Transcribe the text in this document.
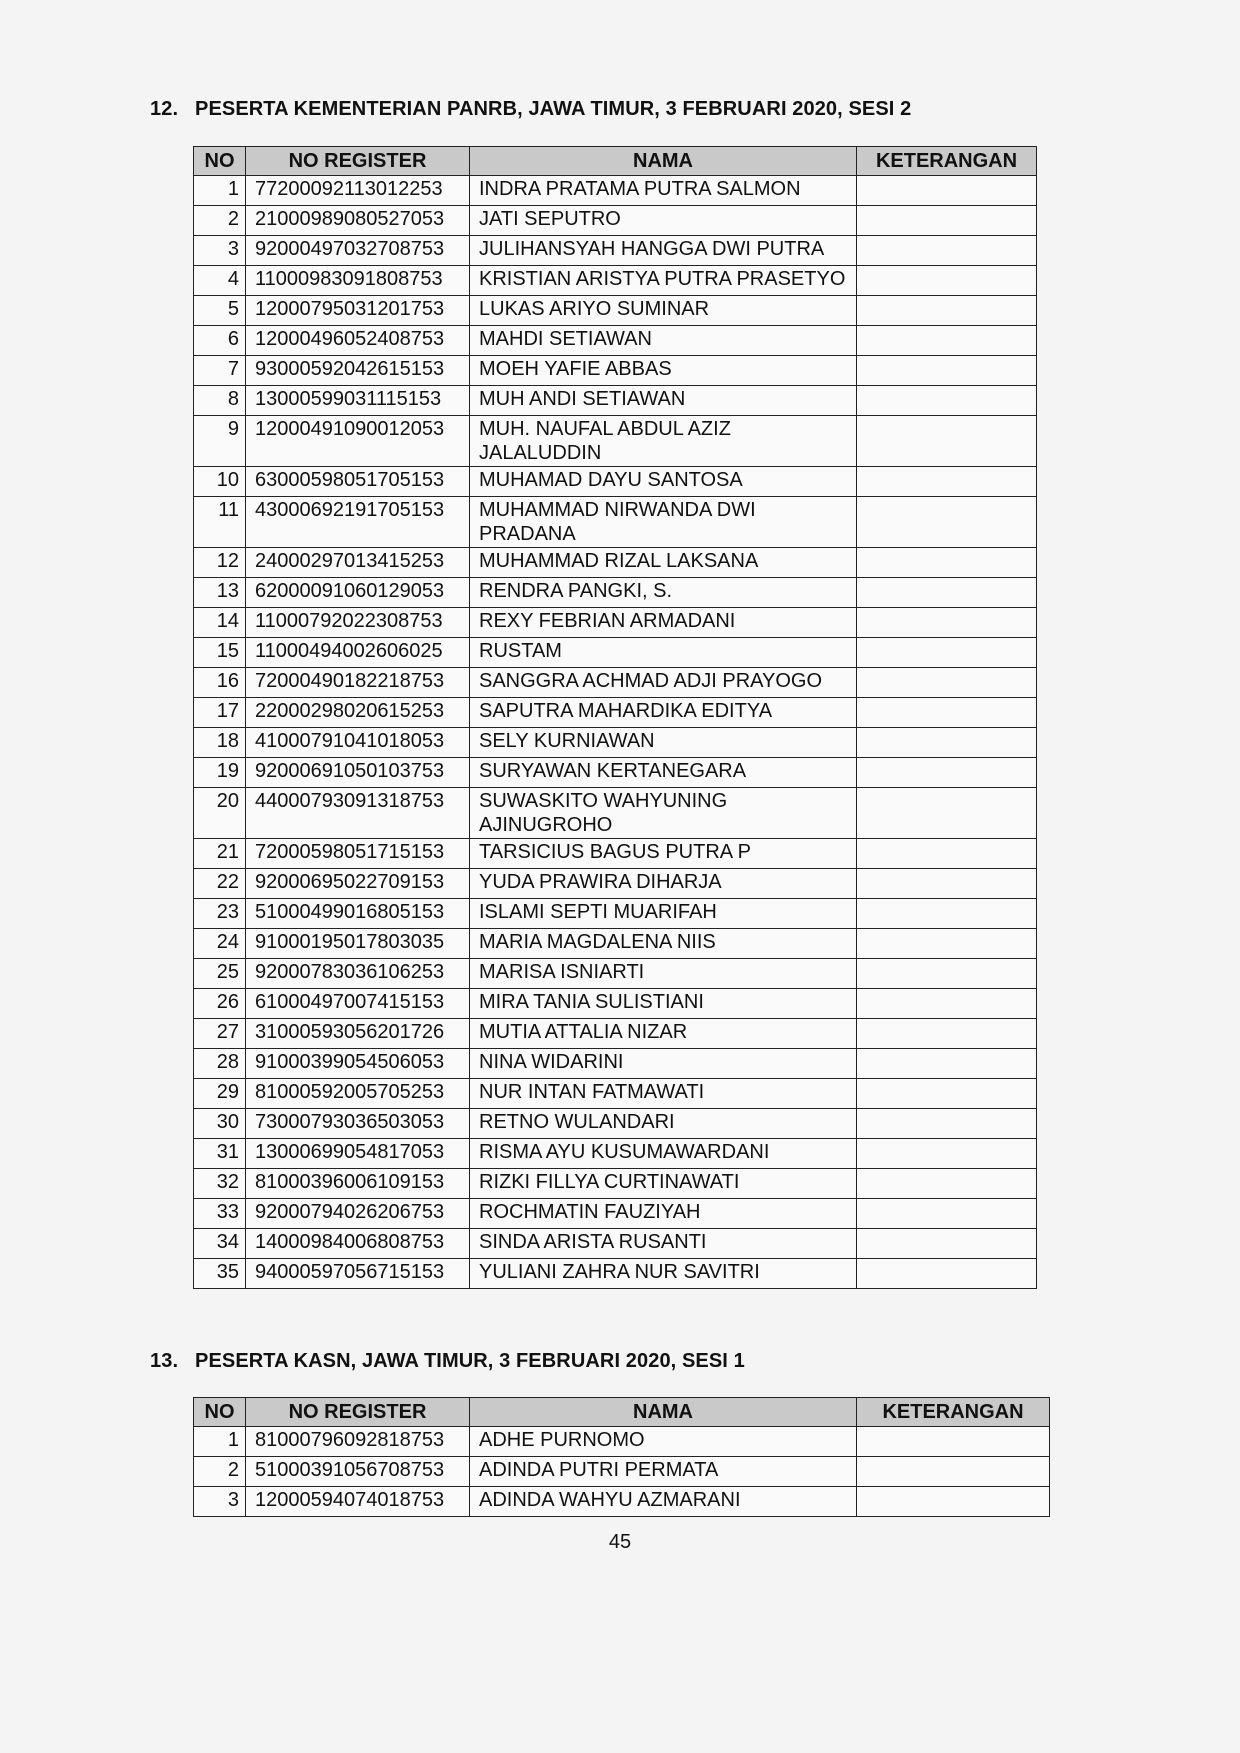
12. PESERTA KEMENTERIAN PANRB, JAWA TIMUR, 3 FEBRUARI 2020, SESI 2
NO	NO REGISTER	NAMA	KETERANGAN
1	77200092113012253	INDRA PRATAMA PUTRA SALMON	
2	21000989080527053	JATI SEPUTRO	
3	92000497032708753	JULIHANSYAH HANGGA DWI PUTRA	
4	11000983091808753	KRISTIAN ARISTYA PUTRA PRASETYO	
5	12000795031201753	LUKAS ARIYO SUMINAR	
6	12000496052408753	MAHDI SETIAWAN	
7	93000592042615153	MOEH YAFIE ABBAS	
8	13000599031115153	MUH ANDI SETIAWAN	
9	12000491090012053	MUH. NAUFAL ABDUL AZIZ JALALUDDIN	
10	63000598051705153	MUHAMAD DAYU SANTOSA	
11	43000692191705153	MUHAMMAD NIRWANDA DWI PRADANA	
12	24000297013415253	MUHAMMAD RIZAL LAKSANA	
13	62000091060129053	RENDRA PANGKI, S.	
14	11000792022308753	REXY FEBRIAN ARMADANI	
15	11000494002606025	RUSTAM	
16	72000490182218753	SANGGRA ACHMAD ADJI PRAYOGO	
17	22000298020615253	SAPUTRA MAHARDIKA EDITYA	
18	41000791041018053	SELY KURNIAWAN	
19	92000691050103753	SURYAWAN KERTANEGARA	
20	44000793091318753	SUWASKITO WAHYUNING AJINUGROHO	
21	72000598051715153	TARSICIUS BAGUS PUTRA P	
22	92000695022709153	YUDA PRAWIRA DIHARJA	
23	51000499016805153	ISLAMI SEPTI MUARIFAH	
24	91000195017803035	MARIA MAGDALENA NIIS	
25	92000783036106253	MARISA ISNIARTI	
26	61000497007415153	MIRA TANIA SULISTIANI	
27	31000593056201726	MUTIA ATTALIA NIZAR	
28	91000399054506053	NINA WIDARINI	
29	81000592005705253	NUR INTAN FATMAWATI	
30	73000793036503053	RETNO WULANDARI	
31	13000699054817053	RISMA AYU KUSUMAWARDANI	
32	81000396006109153	RIZKI FILLYA CURTINAWATI	
33	92000794026206753	ROCHMATIN FAUZIYAH	
34	14000984006808753	SINDA ARISTA RUSANTI	
35	94000597056715153	YULIANI ZAHRA NUR SAVITRI	
13. PESERTA KASN, JAWA TIMUR, 3 FEBRUARI 2020, SESI 1
NO	NO REGISTER	NAMA	KETERANGAN
1	81000796092818753	ADHE PURNOMO	
2	51000391056708753	ADINDA PUTRI PERMATA	
3	12000594074018753	ADINDA WAHYU AZMARANI	
45
